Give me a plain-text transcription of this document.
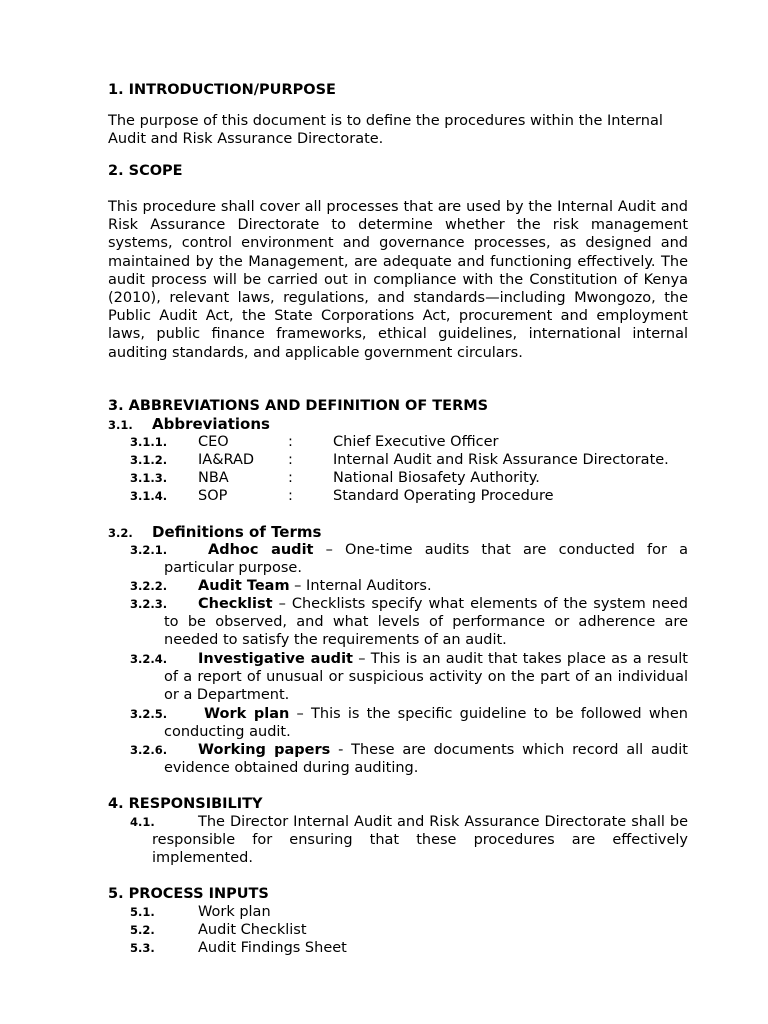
1. INTRODUCTION/PURPOSE
The purpose of this document is to define the procedures within the Internal Audit and Risk Assurance Directorate.
2. SCOPE
This procedure shall cover all processes that are used by the Internal Audit and Risk Assurance Directorate to determine whether the risk management systems, control environment and governance processes, as designed and maintained by the Management, are adequate and functioning effectively. The audit process will be carried out in compliance with the Constitution of Kenya (2010), relevant laws, regulations, and standards—including Mwongozo, the Public Audit Act, the State Corporations Act, procurement and employment laws, public finance frameworks, ethical guidelines, international internal auditing standards, and applicable government circulars.
3. ABBREVIATIONS AND DEFINITION OF TERMS
3.1. Abbreviations
3.1.1. CEO	:	Chief Executive Officer
3.1.2. IA&RAD :	Internal Audit and Risk Assurance Directorate.
3.1.3. NBA	:	National Biosafety Authority.
3.1.4. SOP	:	Standard Operating Procedure
3.2. Definitions of Terms
3.2.1.	Adhoc audit – One-time audits that are conducted for a particular purpose.
3.2.2.	Audit Team – Internal Auditors.
3.2.3.	Checklist – Checklists specify what elements of the system need to be observed, and what levels of performance or adherence are needed to satisfy the requirements of an audit.
3.2.4.	Investigative audit – This is an audit that takes place as a result of a report of unusual or suspicious activity on the part of an individual or a Department.
3.2.5.	Work plan – This is the specific guideline to be followed when conducting audit.
3.2.6.	Working papers - These are documents which record all audit evidence obtained during auditing.
4. RESPONSIBILITY
4.1.	The Director Internal Audit and Risk Assurance Directorate shall be responsible for ensuring that these procedures are effectively implemented.
5. PROCESS INPUTS
5.1.	Work plan
5.2.	Audit Checklist
5.3.	Audit Findings Sheet
